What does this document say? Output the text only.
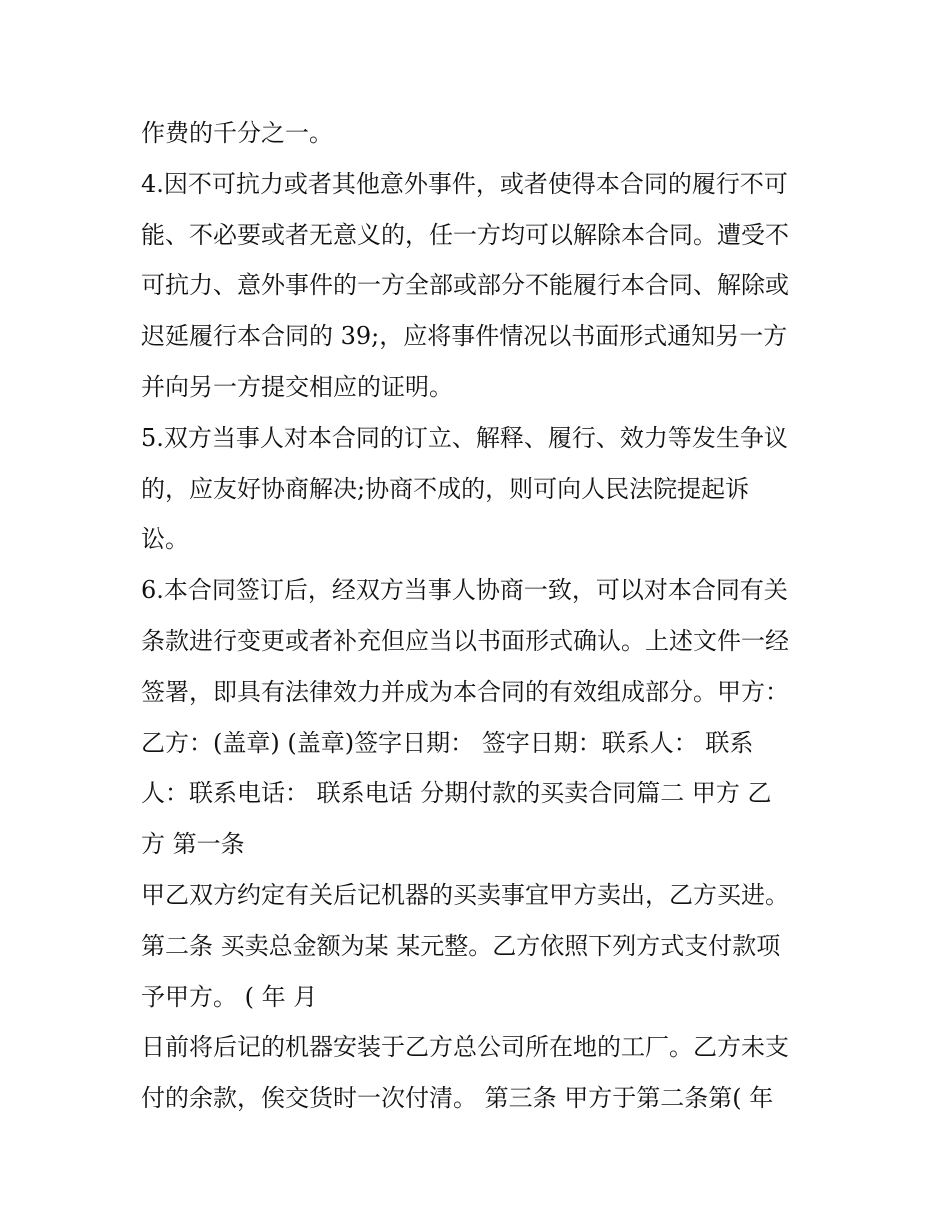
作费的千分之一。
4.因不可抗力或者其他意外事件，或者使得本合同的履行不可
能、不必要或者无意义的，任一方均可以解除本合同。遭受不
可抗力、意外事件的一方全部或部分不能履行本合同、解除或
迟延履行本合同的 39;，应将事件情况以书面形式通知另一方
并向另一方提交相应的证明。
5.双方当事人对本合同的订立、解释、履行、效力等发生争议
的，应友好协商解决;协商不成的，则可向人民法院提起诉
讼。
6.本合同签订后，经双方当事人协商一致，可以对本合同有关
条款进行变更或者补充但应当以书面形式确认。上述文件一经
签署，即具有法律效力并成为本合同的有效组成部分。甲方：
乙方：(盖章) (盖章)签字日期： 签字日期：联系人： 联系
人：联系电话： 联系电话 分期付款的买卖合同篇二 甲方 乙
方 第一条
甲乙双方约定有关后记机器的买卖事宜甲方卖出，乙方买进。
第二条 买卖总金额为某 某元整。乙方依照下列方式支付款项
予甲方。 ( 年 月
日前将后记的机器安装于乙方总公司所在地的工厂。乙方未支
付的余款，俟交货时一次付清。 第三条 甲方于第二条第( 年
